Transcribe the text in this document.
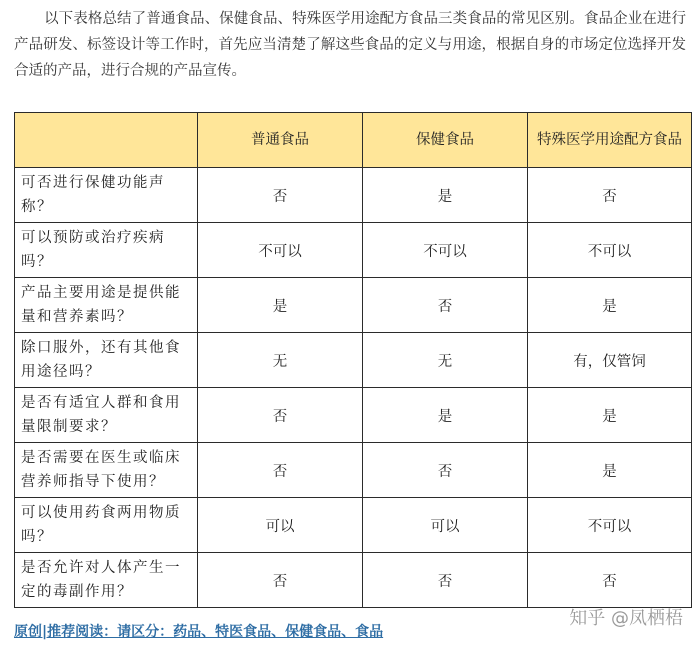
以下表格总结了普通食品、保健食品、特殊医学用途配方食品三类食品的常见区别。食品企业在进行产品研发、标签设计等工作时，首先应当清楚了解这些食品的定义与用途，根据自身的市场定位选择开发合适的产品，进行合规的产品宣传。
	普通食品	保健食品	特殊医学用途配方食品
可否进行保健功能声称？	否	是	否
可以预防或治疗疾病吗？	不可以	不可以	不可以
产品主要用途是提供能量和营养素吗？	是	否	是
除口服外，还有其他食用途径吗？	无	无	有，仅管饲
是否有适宜人群和食用量限制要求？	否	是	是
是否需要在医生或临床营养师指导下使用？	否	否	是
可以使用药食两用物质吗？	可以	可以	不可以
是否允许对人体产生一定的毒副作用？	否	否	否
原创|推荐阅读：请区分：药品、特医食品、保健食品、食品
知乎 @凤栖梧
